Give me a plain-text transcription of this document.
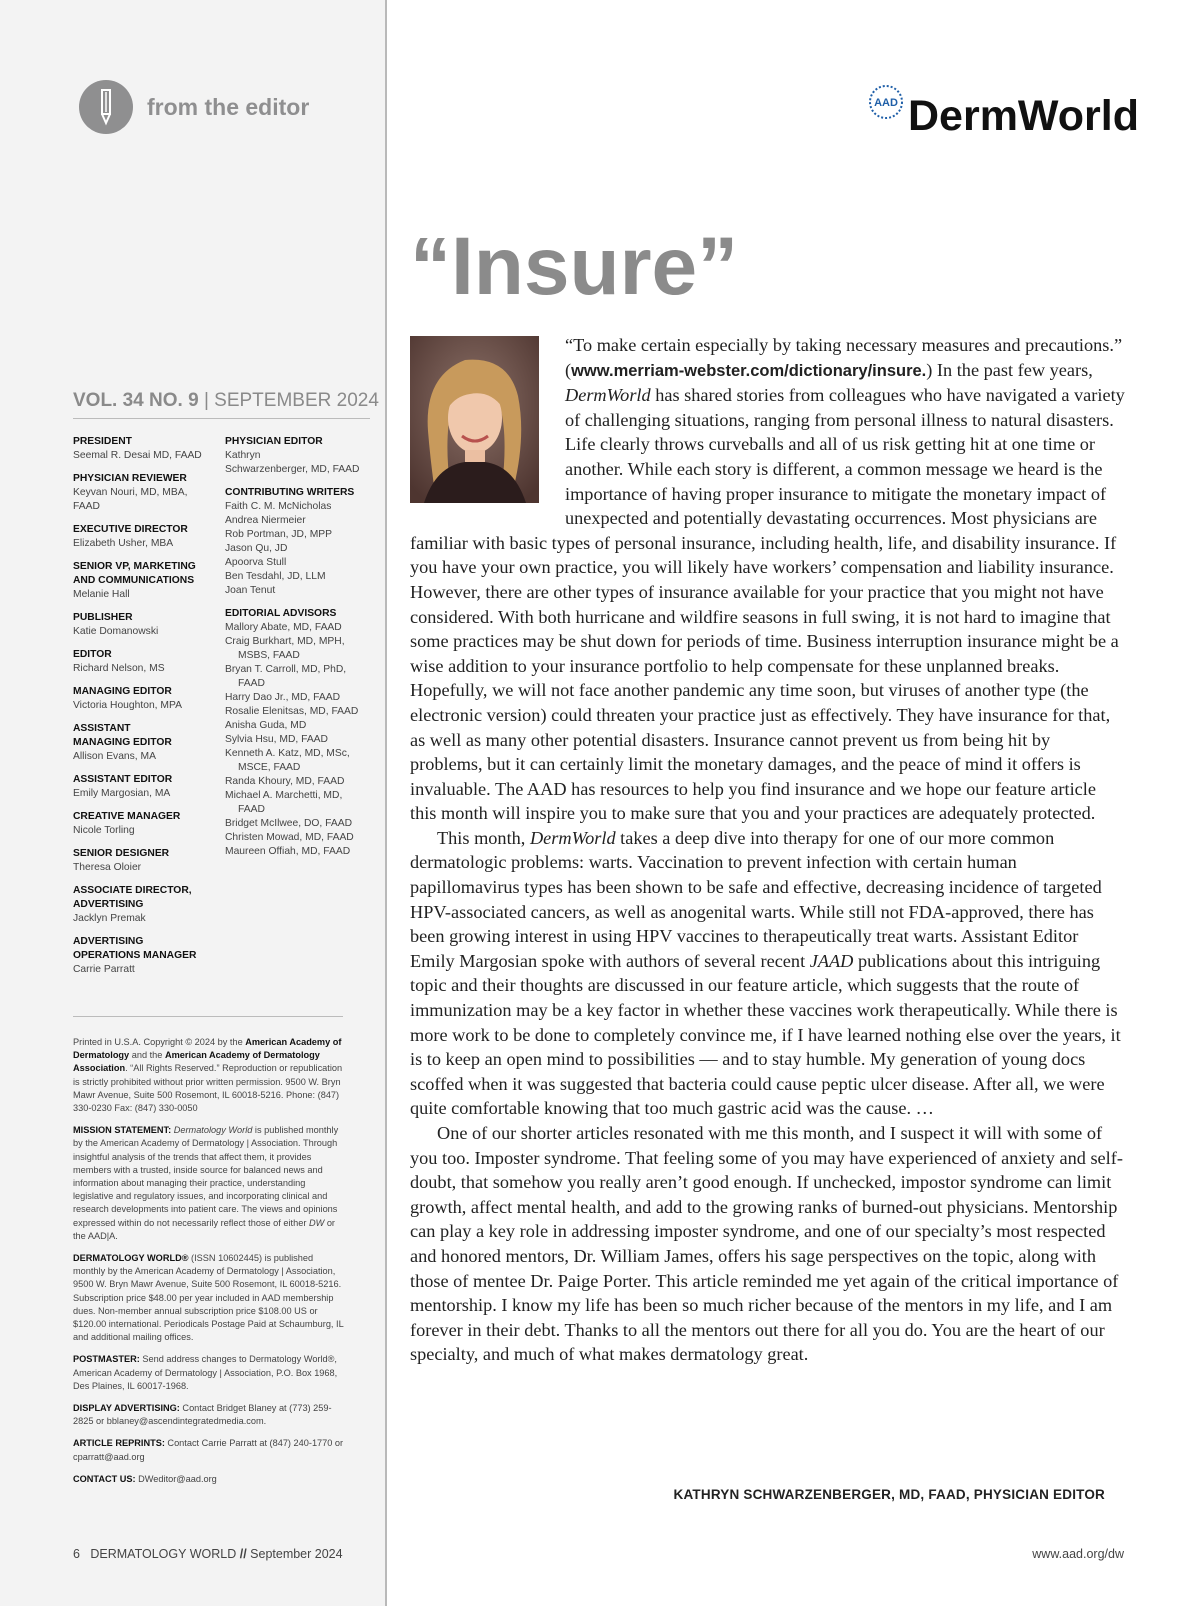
from the editor
VOL. 34 NO. 9 | SEPTEMBER 2024
PRESIDENT
Seemal R. Desai MD, FAAD
PHYSICIAN REVIEWER
Keyvan Nouri, MD, MBA,
FAAD
EXECUTIVE DIRECTOR
Elizabeth Usher, MBA
SENIOR VP, MARKETING
AND COMMUNICATIONS
Melanie Hall
PUBLISHER
Katie Domanowski
EDITOR
Richard Nelson, MS
MANAGING EDITOR
Victoria Houghton, MPA
ASSISTANT
MANAGING EDITOR
Allison Evans, MA
ASSISTANT EDITOR
Emily Margosian, MA
CREATIVE MANAGER
Nicole Torling
SENIOR DESIGNER
Theresa Oloier
ASSOCIATE DIRECTOR,
ADVERTISING
Jacklyn Premak
ADVERTISING
OPERATIONS MANAGER
Carrie Parratt
PHYSICIAN EDITOR
Kathryn
Schwarzenberger, MD, FAAD
CONTRIBUTING WRITERS
Faith C. M. McNicholas
Andrea Niermeier
Rob Portman, JD, MPP
Jason Qu, JD
Apoorva Stull
Ben Tesdahl, JD, LLM
Joan Tenut
EDITORIAL ADVISORS
Mallory Abate, MD, FAAD
Craig Burkhart, MD, MPH,
MSBS, FAAD
Bryan T. Carroll, MD, PhD,
FAAD
Harry Dao Jr., MD, FAAD
Rosalie Elenitsas, MD, FAAD
Anisha Guda, MD
Sylvia Hsu, MD, FAAD
Kenneth A. Katz, MD, MSc,
MSCE, FAAD
Randa Khoury, MD, FAAD
Michael A. Marchetti, MD,
FAAD
Bridget McIlwee, DO, FAAD
Christen Mowad, MD, FAAD
Maureen Offiah, MD, FAAD

Printed in U.S.A. Copyright © 2024 by the American Academy of Dermatology and the American Academy of Dermatology Association. “All Rights Reserved.” Reproduction or republication is strictly prohibited without prior written permission. 9500 W. Bryn Mawr Avenue, Suite 500 Rosemont, IL 60018-5216. Phone: (847) 330-0230 Fax: (847) 330-0050

MISSION STATEMENT: Dermatology World is published monthly by the American Academy of Dermatology | Association. Through insightful analysis of the trends that affect them, it provides members with a trusted, inside source for balanced news and information about managing their practice, understanding legislative and regulatory issues, and incorporating clinical and research developments into patient care. The views and opinions expressed within do not necessarily reflect those of either DW or the AAD|A.

DERMATOLOGY WORLD® (ISSN 10602445) is published monthly by the American Academy of Dermatology | Association, 9500 W. Bryn Mawr Avenue, Suite 500 Rosemont, IL 60018-5216. Subscription price $48.00 per year included in AAD membership dues. Non-member annual subscription price $108.00 US or $120.00 international. Periodicals Postage Paid at Schaumburg, IL and additional mailing offices.

POSTMASTER: Send address changes to Dermatology World®, American Academy of Dermatology | Association, P.O. Box 1968, Des Plaines, IL 60017-1968.

DISPLAY ADVERTISING: Contact Bridget Blaney at (773) 259-2825 or bblaney@ascendintegratedmedia.com.

ARTICLE REPRINTS: Contact Carrie Parratt at (847) 240-1770 or cparratt@aad.org

CONTACT US: DWeditor@aad.org

6 DERMATOLOGY WORLD // September 2024	www.aad.org/dw
AAD DermWorld
“Insure”

“To make certain especially by taking necessary measures and precautions.” (www.merriam-webster.com/dictionary/insure.) In the past few years, DermWorld has shared stories from colleagues who have navigated a variety of challenging situations, ranging from personal illness to natural disasters. Life clearly throws curveballs and all of us risk getting hit at one time or another. While each story is different, a common message we heard is the importance of having proper insurance to mitigate the monetary impact of unexpected and potentially devastating occurrences. Most physicians are familiar with basic types of personal insurance, including health, life, and disability insurance. If you have your own practice, you will likely have workers’ compensation and liability insurance. However, there are other types of insurance available for your practice that you might not have considered. With both hurricane and wildfire seasons in full swing, it is not hard to imagine that some practices may be shut down for periods of time. Business interruption insurance might be a wise addition to your insurance portfolio to help compensate for these unplanned breaks. Hopefully, we will not face another pandemic any time soon, but viruses of another type (the electronic version) could threaten your practice just as effectively. They have insurance for that, as well as many other potential disasters. Insurance cannot prevent us from being hit by problems, but it can certainly limit the monetary damages, and the peace of mind it offers is invaluable. The AAD has resources to help you find insurance and we hope our feature article this month will inspire you to make sure that you and your practices are adequately protected.

This month, DermWorld takes a deep dive into therapy for one of our more common dermatologic problems: warts. Vaccination to prevent infection with certain human papillomavirus types has been shown to be safe and effective, decreasing incidence of targeted HPV-associated cancers, as well as anogenital warts. While still not FDA-approved, there has been growing interest in using HPV vaccines to therapeutically treat warts. Assistant Editor Emily Margosian spoke with authors of several recent JAAD publications about this intriguing topic and their thoughts are discussed in our feature article, which suggests that the route of immunization may be a key factor in whether these vaccines work therapeutically. While there is more work to be done to completely convince me, if I have learned nothing else over the years, it is to keep an open mind to possibilities — and to stay humble. My generation of young docs scoffed when it was suggested that bacteria could cause peptic ulcer disease. After all, we were quite comfortable knowing that too much gastric acid was the cause. …

One of our shorter articles resonated with me this month, and I suspect it will with some of you too. Imposter syndrome. That feeling some of you may have experienced of anxiety and self-doubt, that somehow you really aren’t good enough. If unchecked, impostor syndrome can limit growth, affect mental health, and add to the growing ranks of burned-out physicians. Mentorship can play a key role in addressing imposter syndrome, and one of our specialty’s most respected and honored mentors, Dr. William James, offers his sage perspectives on the topic, along with those of mentee Dr. Paige Porter. This article reminded me yet again of the critical importance of mentorship. I know my life has been so much richer because of the mentors in my life, and I am forever in their debt. Thanks to all the mentors out there for all you do. You are the heart of our specialty, and much of what makes dermatology great.

KATHRYN SCHWARZENBERGER, MD, FAAD, PHYSICIAN EDITOR
